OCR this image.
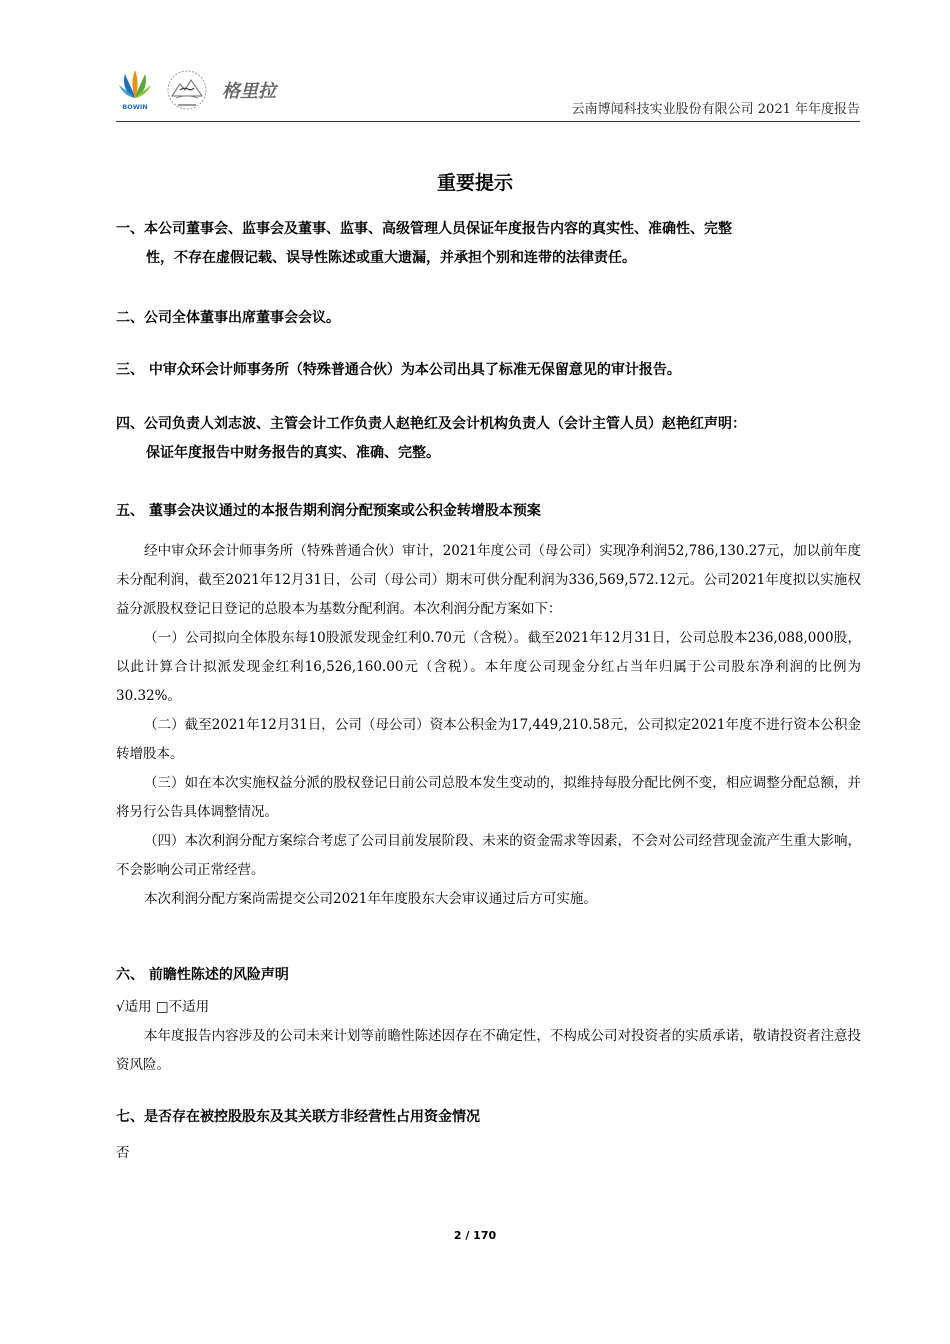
BOWIN
格里拉
云南博闻科技实业股份有限公司 2021 年年度报告
重要提示
一、本公司董事会、监事会及董事、监事、高级管理人员保证年度报告内容的真实性、准确性、完整
性，不存在虚假记载、误导性陈述或重大遗漏，并承担个别和连带的法律责任。
二、公司全体董事出席董事会会议。
三、 中审众环会计师事务所（特殊普通合伙）为本公司出具了标准无保留意见的审计报告。
四、公司负责人刘志波、主管会计工作负责人赵艳红及会计机构负责人（会计主管人员）赵艳红声明：
保证年度报告中财务报告的真实、准确、完整。
五、 董事会决议通过的本报告期利润分配预案或公积金转增股本预案

经中审众环会计师事务所（特殊普通合伙）审计，2021年度公司（母公司）实现净利润52,786,130.27元，加以前年度未分配利润，截至2021年12月31日，公司（母公司）期末可供分配利润为336,569,572.12元。公司2021年度拟以实施权益分派股权登记日登记的总股本为基数分配利润。本次利润分配方案如下：

（一）公司拟向全体股东每10股派发现金红利0.70元（含税）。截至2021年12月31日，公司总股本236,088,000股，以此计算合计拟派发现金红利16,526,160.00元（含税）。本年度公司现金分红占当年归属于公司股东净利润的比例为30.32%。

（二）截至2021年12月31日，公司（母公司）资本公积金为17,449,210.58元，公司拟定2021年度不进行资本公积金转增股本。

（三）如在本次实施权益分派的股权登记日前公司总股本发生变动的，拟维持每股分配比例不变，相应调整分配总额，并将另行公告具体调整情况。

（四）本次利润分配方案综合考虑了公司目前发展阶段、未来的资金需求等因素，不会对公司经营现金流产生重大影响，不会影响公司正常经营。

本次利润分配方案尚需提交公司2021年年度股东大会审议通过后方可实施。

六、 前瞻性陈述的风险声明

√适用 □不适用

本年度报告内容涉及的公司未来计划等前瞻性陈述因存在不确定性，不构成公司对投资者的实质承诺，敬请投资者注意投资风险。

七、是否存在被控股股东及其关联方非经营性占用资金情况

否

2 / 170
